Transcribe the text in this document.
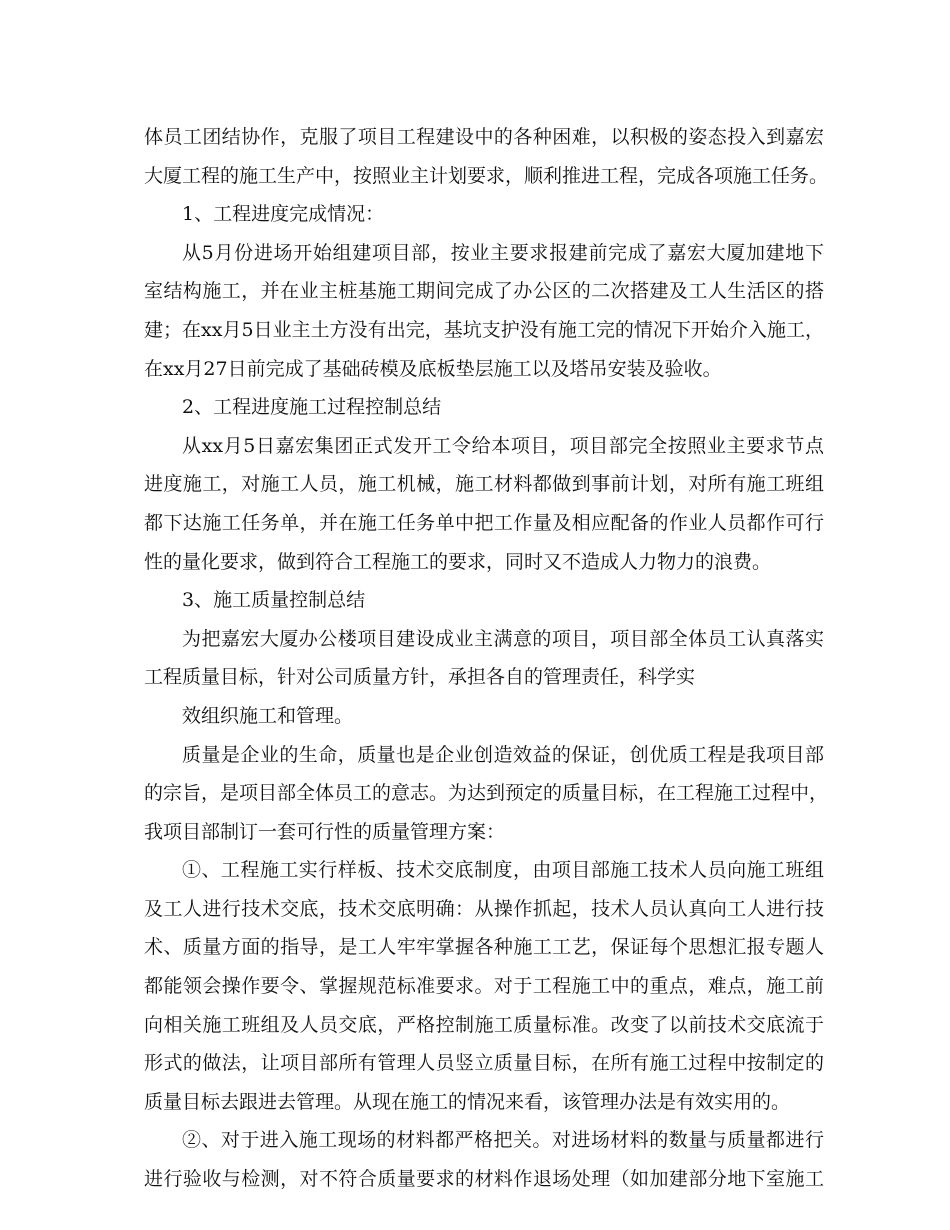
体员工团结协作，克服了项目工程建设中的各种困难，以积极的姿态投入到嘉宏
大厦工程的施工生产中，按照业主计划要求，顺利推进工程，完成各项施工任务。
1、工程进度完成情况：
从5月份进场开始组建项目部，按业主要求报建前完成了嘉宏大厦加建地下
室结构施工，并在业主桩基施工期间完成了办公区的二次搭建及工人生活区的搭
建；在xx月5日业主土方没有出完，基坑支护没有施工完的情况下开始介入施工，
在xx月27日前完成了基础砖模及底板垫层施工以及塔吊安装及验收。
2、工程进度施工过程控制总结
从xx月5日嘉宏集团正式发开工令给本项目，项目部完全按照业主要求节点
进度施工，对施工人员，施工机械，施工材料都做到事前计划，对所有施工班组
都下达施工任务单，并在施工任务单中把工作量及相应配备的作业人员都作可行
性的量化要求，做到符合工程施工的要求，同时又不造成人力物力的浪费。
3、施工质量控制总结
为把嘉宏大厦办公楼项目建设成业主满意的项目，项目部全体员工认真落实
工程质量目标，针对公司质量方针，承担各自的管理责任，科学实
效组织施工和管理。
质量是企业的生命，质量也是企业创造效益的保证，创优质工程是我项目部
的宗旨，是项目部全体员工的意志。为达到预定的质量目标，在工程施工过程中，
我项目部制订一套可行性的质量管理方案：
①、工程施工实行样板、技术交底制度，由项目部施工技术人员向施工班组
及工人进行技术交底，技术交底明确：从操作抓起，技术人员认真向工人进行技
术、质量方面的指导，是工人牢牢掌握各种施工工艺，保证每个思想汇报专题人
都能领会操作要令、掌握规范标准要求。对于工程施工中的重点，难点，施工前
向相关施工班组及人员交底，严格控制施工质量标准。改变了以前技术交底流于
形式的做法，让项目部所有管理人员竖立质量目标，在所有施工过程中按制定的
质量目标去跟进去管理。从现在施工的情况来看，该管理办法是有效实用的。
②、对于进入施工现场的材料都严格把关。对进场材料的数量与质量都进行
进行验收与检测，对不符合质量要求的材料作退场处理（如加建部分地下室施工
